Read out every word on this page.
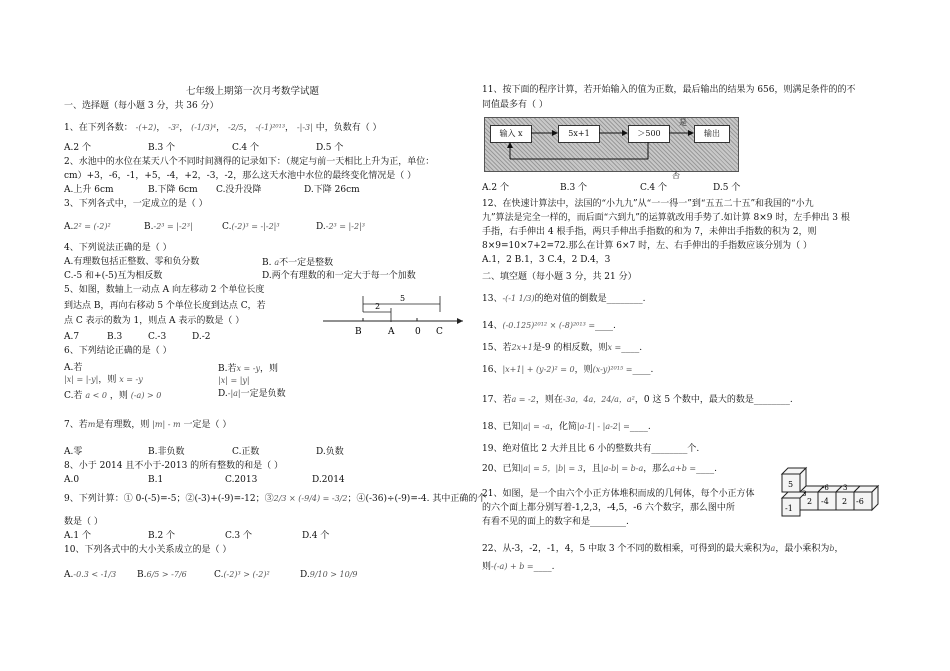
七年级上期第一次月考数学试题
一、选择题（每小题 3 分，共 36 分）
1、在下列各数： -(+2)， -3²， (-1/3)⁴， -2/5， -(-1)²⁰¹³， -|-3| 中，负数有（ ）
A.2 个	B.3 个	C.4 个	D.5 个
2、水池中的水位在某天八个不同时间测得的记录如下：（规定与前一天相比上升为正，单位：
cm）+3，-6，-1，+5，-4，+2，-3，-2，那么这天水池中水位的最终变化情况是（ ）
A.上升 6cm	B.下降 6cm C.没升没降	D.下降 26cm
3、下列各式中，一定成立的是（ ）
A.2² = (-2)²	B.-2³ = |-2³|	C.(-2)³ = -|-2|³	D.-2³ = |-2|³
4、下列说法正确的是（ ）
A.有理数包括正整数、零和负分数	B. a不一定是整数
C.-5 和+(-5)互为相反数	D.两个有理数的和一定大于每一个加数
5、如图，数轴上一动点 A 向左移动 2 个单位长度
到达点 B，再向右移动 5 个单位长度到达点 C，若
点 C 表示的数为 1，则点 A 表示的数是（ ）
A.7	B.3	C.-3	D.-2
5
2
B	A 0 C
6、下列结论正确的是（ ）
A.若
|x| = |-y|，则 x = -y
B.若x = -y，则
|x| = |y|
C.若 a < 0 ，则 (-a) > 0	D.-|a|一定是负数
7、若m是有理数，则 |m| - m 一定是（ ）
A.零	B.非负数	C.正数	D.负数
8、小于 2014 且不小于-2013 的所有整数的和是（ ）
A.0	B.1	C.2013	D.2014
9、下列计算：① 0-(-5)=-5；②(-3)+(-9)=-12；③2/3 × (-9/4) = -3/2；④(-36)÷(-9)=-4. 其中正确的个
数是（ ）
A.1 个	B.2 个	C.3 个	D.4 个
10、下列各式中的大小关系成立的是（ ）
A.-0.3 < -1/3 B.6/5 > -7/6	C.(-2)³ > (-2)²	D.9/10 > 10/9
11、按下面的程序计算，若开始输入的值为正数，最后输出的结果为 656，则满足条件的的不
同值最多有（ ）
输入 x	5x+1	＞500	输出
是
否
A.2 个	B.3 个	C.4 个	D.5 个
12、在快速计算法中，法国的“小九九”从“一一得一”到“五五二十五”和我国的“小九
九”算法是完全一样的，而后面“六到九”的运算就改用手势了.如计算 8×9 时，左手伸出 3 根
手指，右手伸出 4 根手指，两只手伸出手指数的和为 7，未伸出手指数的积为 2，则
8×9=10×7+2=72.那么在计算 6×7 时，左、右手伸出的手指数应该分别为（ ）
A.1，2 B.1，3 C.4，2 D.4，3
二、填空题（每小题 3 分，共 21 分）
13、-(-1 1/3)的绝对值的倒数是________.
14、(-0.125)²⁰¹² × (-8)²⁰¹³ =____.
15、若2x+1是-9 的相反数，则x =____.
16、|x+1| + (y-2)² = 0，则(x-y)²⁰¹⁵ =____.
17、若a = -2，则在-3a，4a，24/a，a²，0 这 5 个数中，最大的数是________.
18、已知|a| = -a，化简|a-1| - |a-2| =____.
19、绝对值比 2 大并且比 6 小的整数共有________个.
20、已知|a| = 5，|b| = 3，且|a-b| = b-a，那么a+b =____.
21、如图，是一个由六个小正方体堆积而成的几何体，每个小正方体
的六个面上都分别写着-1,2,3，-4,5，-6 六个数字，那么图中所
有看不见的面上的数字和是________.
5
2
-6 3
-4 2 -6
-1
3
22、从-3，-2，-1，4，5 中取 3 个不同的数相乘，可得到的最大乘积为a，最小乘积为b，
则-(-a) + b =____.
